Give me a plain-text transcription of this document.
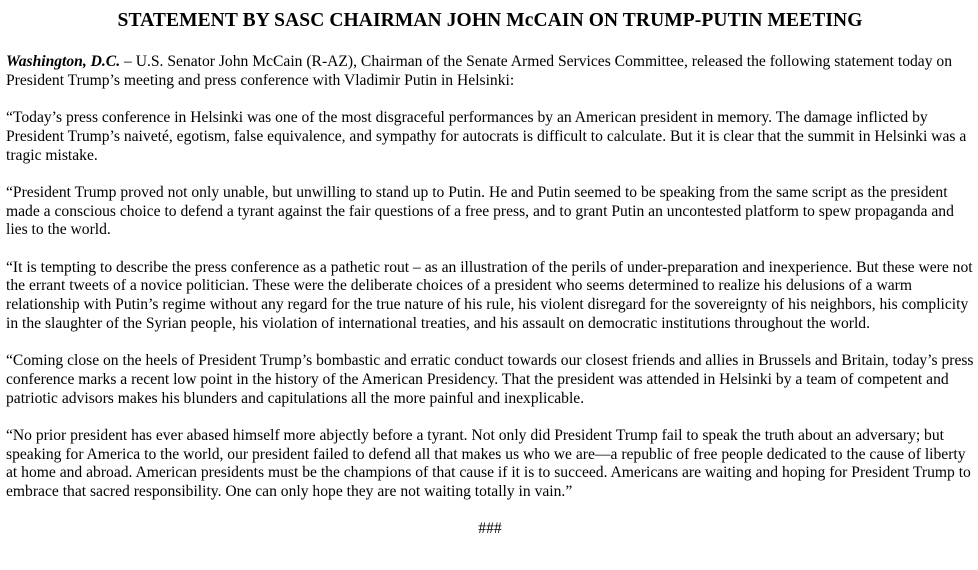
STATEMENT BY SASC CHAIRMAN JOHN McCAIN ON TRUMP-PUTIN MEETING

Washington, D.C. – U.S. Senator John McCain (R-AZ), Chairman of the Senate Armed Services Committee, released the following statement today on President Trump’s meeting and press conference with Vladimir Putin in Helsinki:

“Today’s press conference in Helsinki was one of the most disgraceful performances by an American president in memory. The damage inflicted by President Trump’s naiveté, egotism, false equivalence, and sympathy for autocrats is difficult to calculate. But it is clear that the summit in Helsinki was a tragic mistake.

“President Trump proved not only unable, but unwilling to stand up to Putin. He and Putin seemed to be speaking from the same script as the president made a conscious choice to defend a tyrant against the fair questions of a free press, and to grant Putin an uncontested platform to spew propaganda and lies to the world.

“It is tempting to describe the press conference as a pathetic rout – as an illustration of the perils of under-preparation and inexperience. But these were not the errant tweets of a novice politician. These were the deliberate choices of a president who seems determined to realize his delusions of a warm relationship with Putin’s regime without any regard for the true nature of his rule, his violent disregard for the sovereignty of his neighbors, his complicity in the slaughter of the Syrian people, his violation of international treaties, and his assault on democratic institutions throughout the world.

“Coming close on the heels of President Trump’s bombastic and erratic conduct towards our closest friends and allies in Brussels and Britain, today’s press conference marks a recent low point in the history of the American Presidency. That the president was attended in Helsinki by a team of competent and patriotic advisors makes his blunders and capitulations all the more painful and inexplicable.

“No prior president has ever abased himself more abjectly before a tyrant. Not only did President Trump fail to speak the truth about an adversary; but speaking for America to the world, our president failed to defend all that makes us who we are—a republic of free people dedicated to the cause of liberty at home and abroad. American presidents must be the champions of that cause if it is to succeed. Americans are waiting and hoping for President Trump to embrace that sacred responsibility. One can only hope they are not waiting totally in vain.”

###
